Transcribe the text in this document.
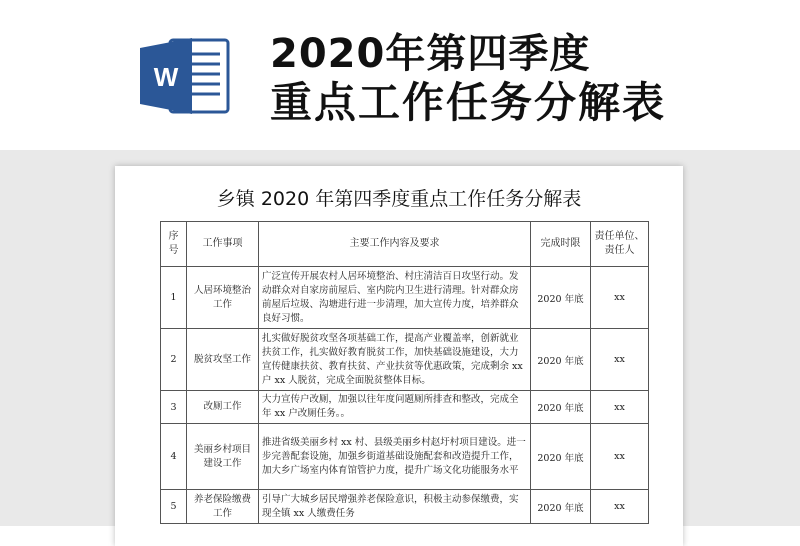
W 2020年第四季度
重点工作任务分解表
乡镇 2020 年第四季度重点工作任务分解表
序号	工作事项	主要工作内容及要求	完成时限	责任单位、责任人
1	人居环境整治工作	广泛宣传开展农村人居环境整治、村庄清洁百日攻坚行动。发动群众对自家房前屋后、室内院内卫生进行清理。针对群众房前屋后垃圾、沟塘进行进一步清理，加大宣传力度，培养群众良好习惯。	2020 年底	xx
2	脱贫攻坚工作	扎实做好脱贫攻坚各项基础工作，提高产业覆盖率，创新就业扶贫工作，扎实做好教育脱贫工作，加快基础设施建设，大力宣传健康扶贫、教育扶贫、产业扶贫等优惠政策，完成剩余 xx 户 xx 人脱贫，完成全面脱贫整体目标。	2020 年底	xx
3	改厕工作	大力宣传户改厕，加强以往年度问题厕所排查和整改，完成全年 xx 户改厕任务。。	2020 年底	xx
4	美丽乡村项目建设工作	推进省级美丽乡村 xx 村、县级美丽乡村赵圩村项目建设。进一步完善配套设施，加强乡街道基础设施配套和改造提升工作，加大乡广场室内体育馆管护力度，提升广场文化功能服务水平	2020 年底	xx
5	养老保险缴费工作	引导广大城乡居民增强养老保险意识，积极主动参保缴费，实现全镇 xx 人缴费任务	2020 年底	xx
